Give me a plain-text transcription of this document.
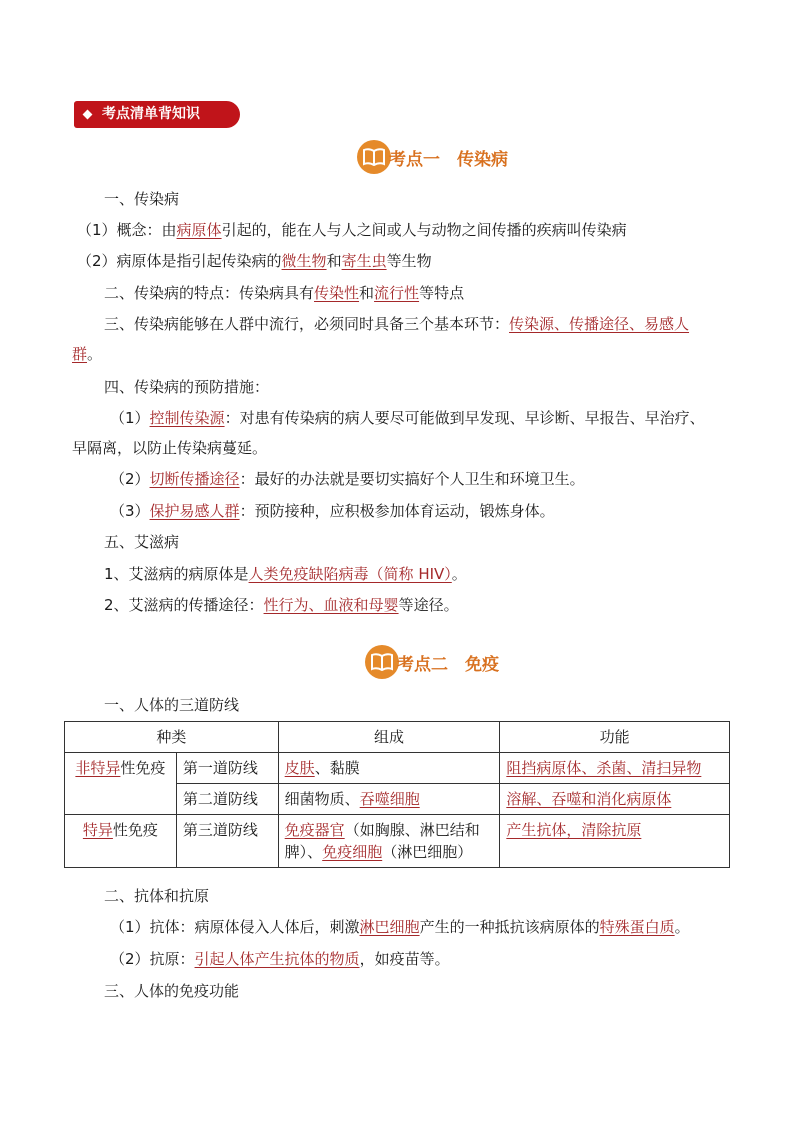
考点清单背知识
考点一　传染病
一、传染病
（1）概念：由病原体引起的，能在人与人之间或人与动物之间传播的疾病叫传染病
（2）病原体是指引起传染病的微生物和寄生虫等生物
二、传染病的特点：传染病具有传染性和流行性等特点
三、传染病能够在人群中流行，必须同时具备三个基本环节：传染源、传播途径、易感人
群。
四、传染病的预防措施：
（1）控制传染源：对患有传染病的病人要尽可能做到早发现、早诊断、早报告、早治疗、
早隔离，以防止传染病蔓延。
（2）切断传播途径：最好的办法就是要切实搞好个人卫生和环境卫生。
（3）保护易感人群：预防接种，应积极参加体育运动，锻炼身体。
五、艾滋病
1、艾滋病的病原体是人类免疫缺陷病毒（简称 HIV）。
2、艾滋病的传播途径：性行为、血液和母婴等途径。
考点二　免疫
一、人体的三道防线
种类		组成	功能
非特异性免疫	第一道防线	皮肤、黏膜	阻挡病原体、杀菌、清扫异物
	第二道防线	细菌物质、吞噬细胞	溶解、吞噬和消化病原体
特异性免疫	第三道防线	免疫器官（如胸腺、淋巴结和脾）、免疫细胞（淋巴细胞）	产生抗体，清除抗原
二、抗体和抗原
（1）抗体：病原体侵入人体后，刺激淋巴细胞产生的一种抵抗该病原体的特殊蛋白质。
（2）抗原：引起人体产生抗体的物质，如疫苗等。
三、人体的免疫功能
